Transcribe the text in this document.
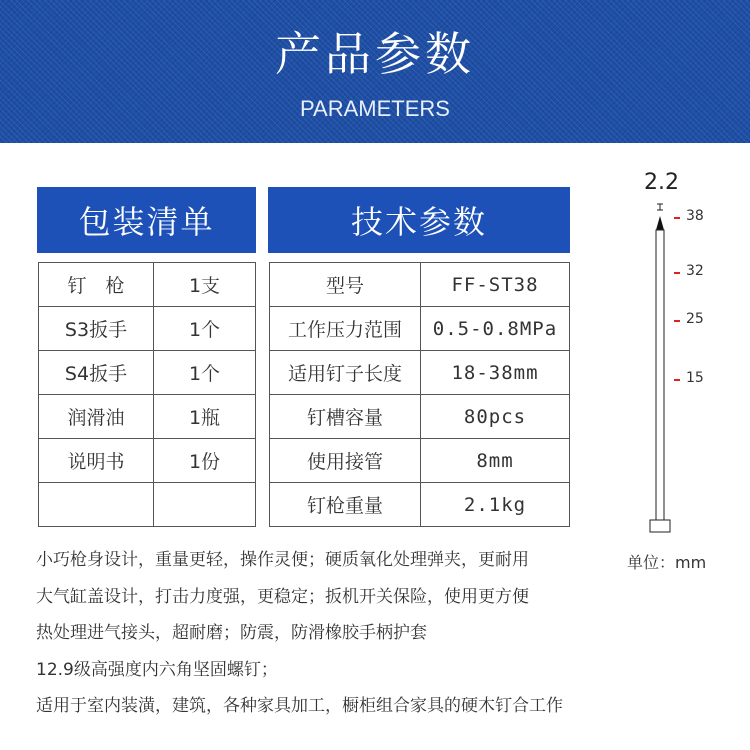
产品参数
PARAMETERS
包装清单	技术参数
钉　枪	1支
S3扳手	1个
S4扳手	1个
润滑油	1瓶
说明书	1份

型号	FF-ST38
工作压力范围	0.5-0.8MPa
适用钉子长度	18-38mm
钉槽容量	80pcs
使用接管	8mm
钉枪重量	2.1kg
小巧枪身设计，重量更轻，操作灵便；硬质氧化处理弹夹，更耐用
大气缸盖设计，打击力度强，更稳定；扳机开关保险，使用更方便
热处理进气接头，超耐磨；防震，防滑橡胶手柄护套
12.9级高强度内六角坚固螺钉；
适用于室内装潢，建筑，各种家具加工，橱柜组合家具的硬木钉合工作
2.2
38
32
25
15
单位：mm
